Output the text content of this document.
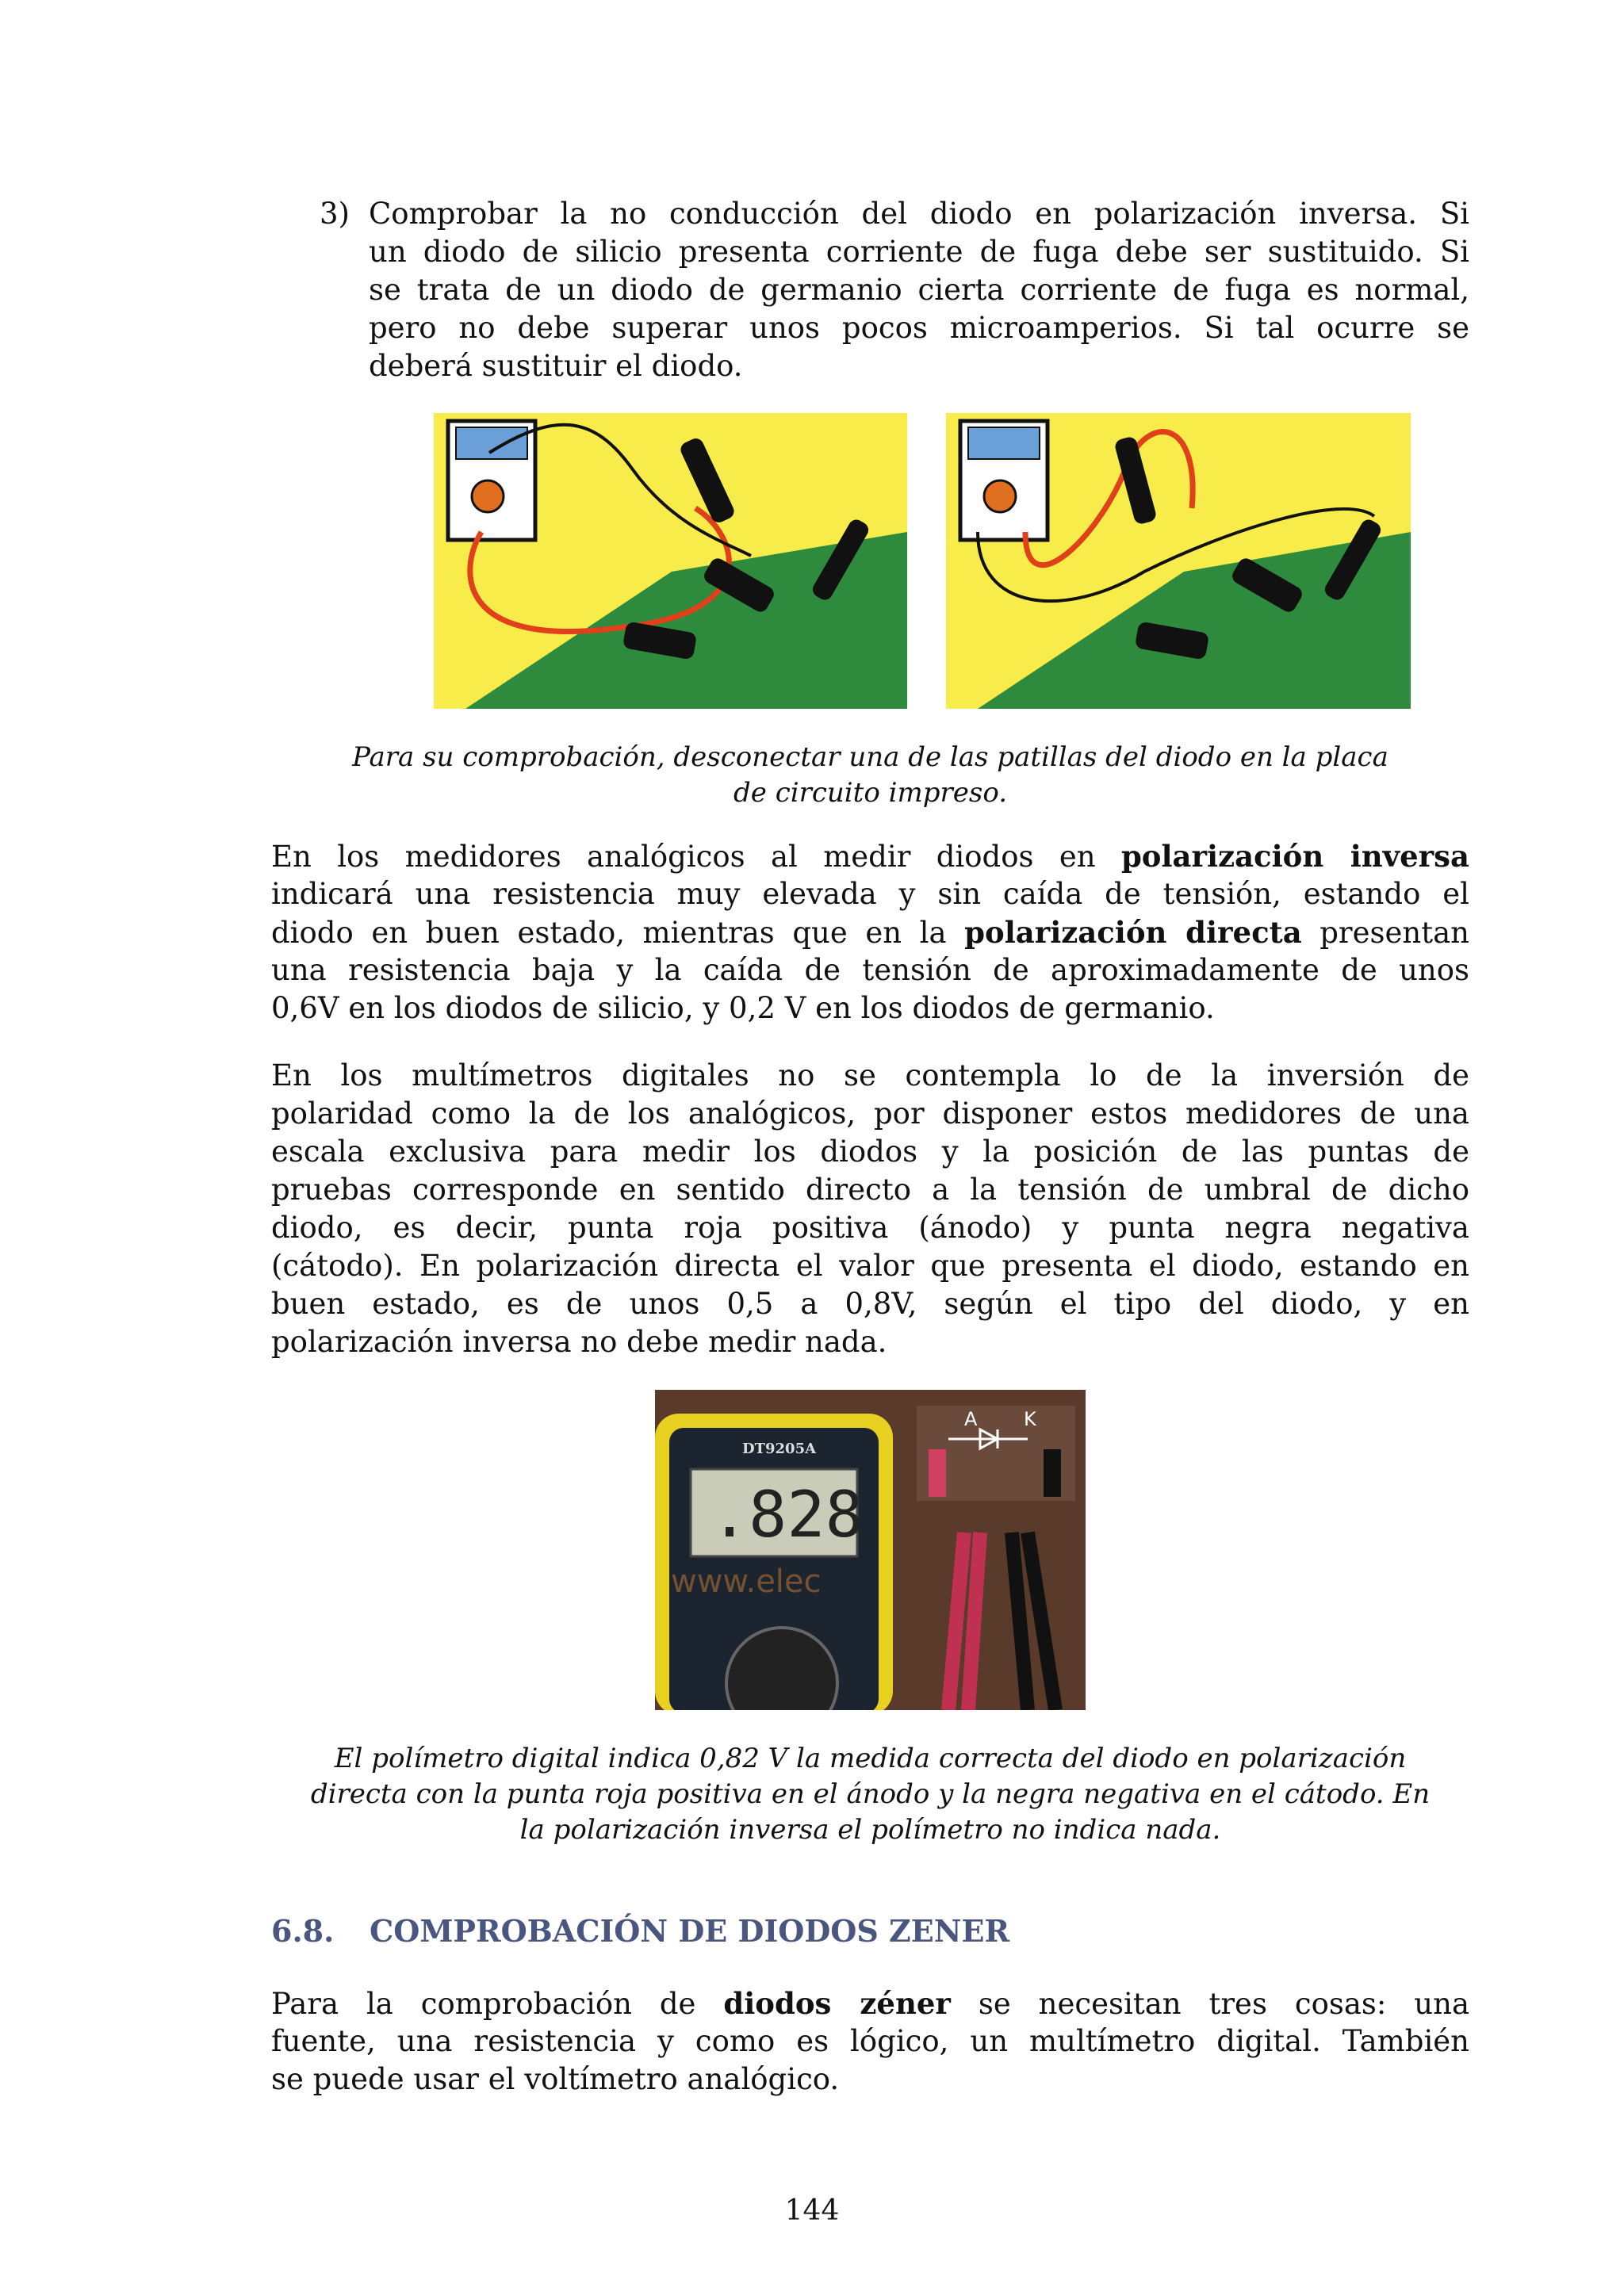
3) Comprobar la no conducción del diodo en polarización inversa. Si
un diodo de silicio presenta corriente de fuga debe ser sustituido. Si
se trata de un diodo de germanio cierta corriente de fuga es normal,
pero no debe superar unos pocos microamperios. Si tal ocurre se
deberá sustituir el diodo.
Para su comprobación, desconectar una de las patillas del diodo en la placa
de circuito impreso.
En los medidores analógicos al medir diodos en polarización inversa
indicará una resistencia muy elevada y sin caída de tensión, estando el
diodo en buen estado, mientras que en la polarización directa presentan
una resistencia baja y la caída de tensión de aproximadamente de unos
0,6V en los diodos de silicio, y 0,2 V en los diodos de germanio.
En los multímetros digitales no se contempla lo de la inversión de
polaridad como la de los analógicos, por disponer estos medidores de una
escala exclusiva para medir los diodos y la posición de las puntas de
pruebas corresponde en sentido directo a la tensión de umbral de dicho
diodo, es decir, punta roja positiva (ánodo) y punta negra negativa
(cátodo). En polarización directa el valor que presenta el diodo, estando en
buen estado, es de unos 0,5 a 0,8V, según el tipo del diodo, y en
polarización inversa no debe medir nada.
DT9205A
.828
www.elec
A K
El polímetro digital indica 0,82 V la medida correcta del diodo en polarización
directa con la punta roja positiva en el ánodo y la negra negativa en el cátodo. En
la polarización inversa el polímetro no indica nada.
6.8. COMPROBACIÓN DE DIODOS ZENER
Para la comprobación de diodos zéner se necesitan tres cosas: una
fuente, una resistencia y como es lógico, un multímetro digital. También
se puede usar el voltímetro analógico.
144
